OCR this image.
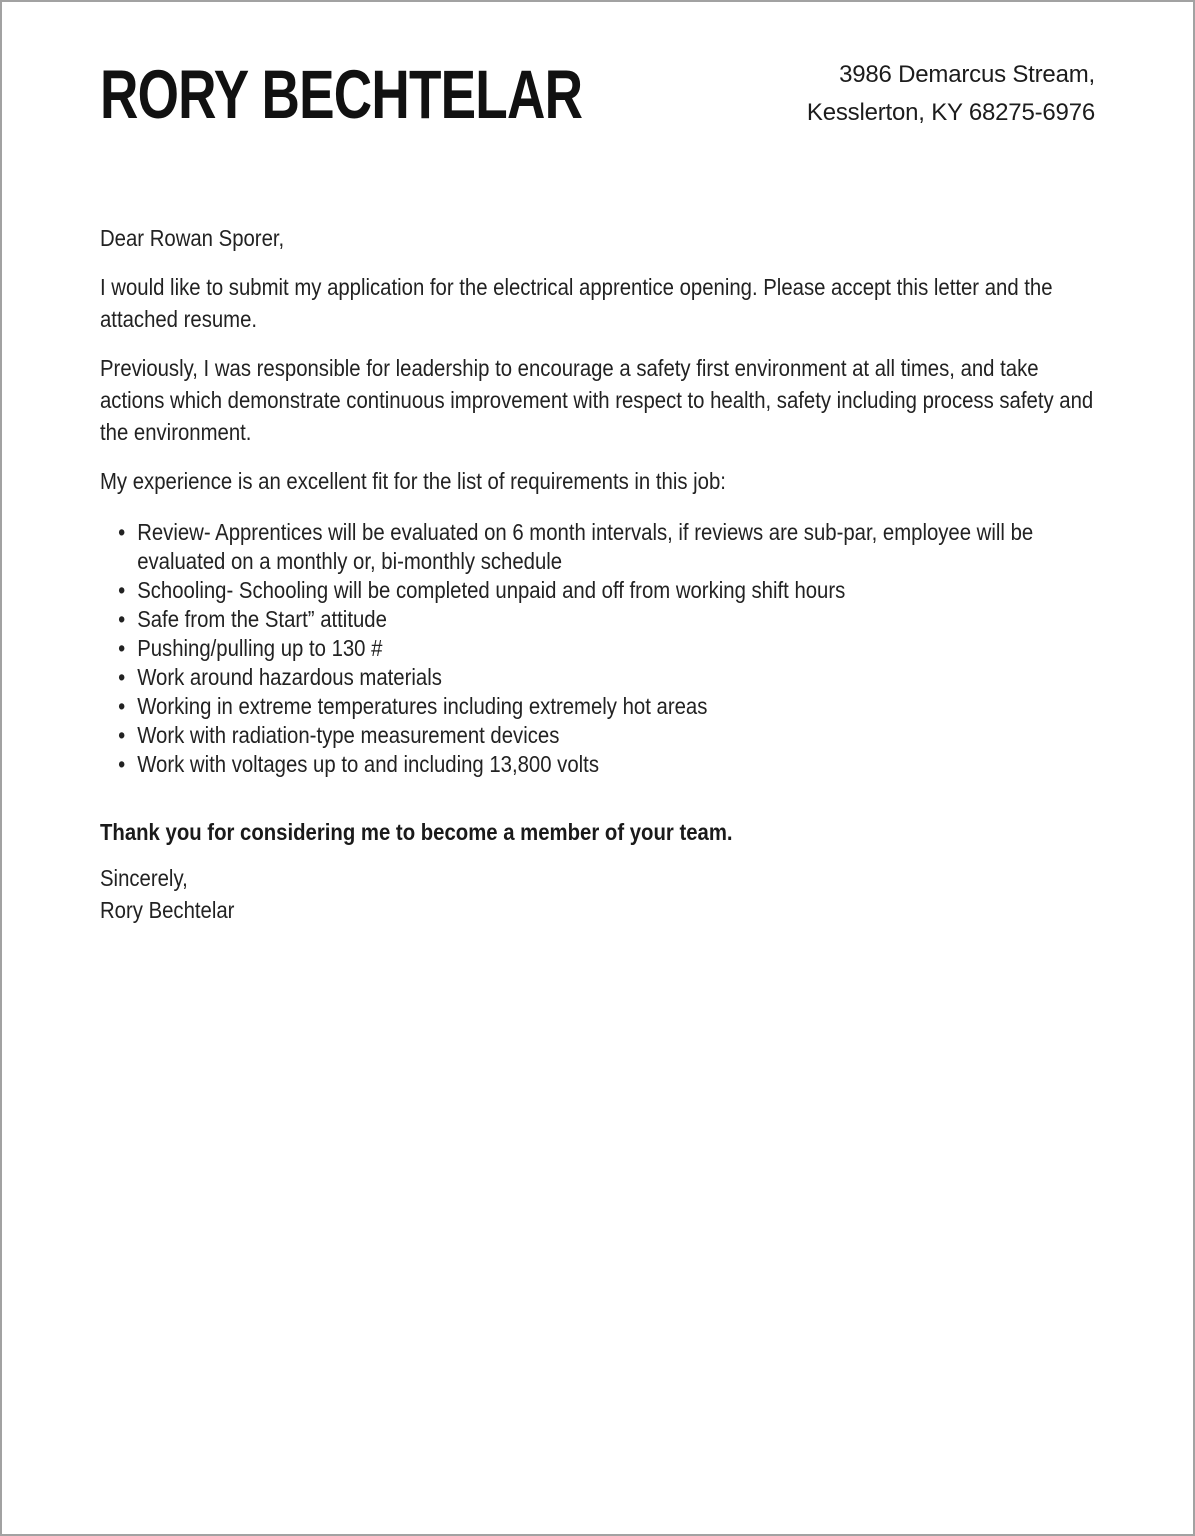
RORY BECHTELAR	3986 Demarcus Stream,
Kesslerton, KY 68275-6976

Dear Rowan Sporer,

I would like to submit my application for the electrical apprentice opening. Please accept this letter and the attached resume.

Previously, I was responsible for leadership to encourage a safety first environment at all times, and take actions which demonstrate continuous improvement with respect to health, safety including process safety and the environment.

My experience is an excellent fit for the list of requirements in this job:

• Review- Apprentices will be evaluated on 6 month intervals, if reviews are sub-par, employee will be evaluated on a monthly or, bi-monthly schedule
• Schooling- Schooling will be completed unpaid and off from working shift hours
• Safe from the Start” attitude
• Pushing/pulling up to 130 #
• Work around hazardous materials
• Working in extreme temperatures including extremely hot areas
• Work with radiation-type measurement devices
• Work with voltages up to and including 13,800 volts

Thank you for considering me to become a member of your team.

Sincerely,
Rory Bechtelar
